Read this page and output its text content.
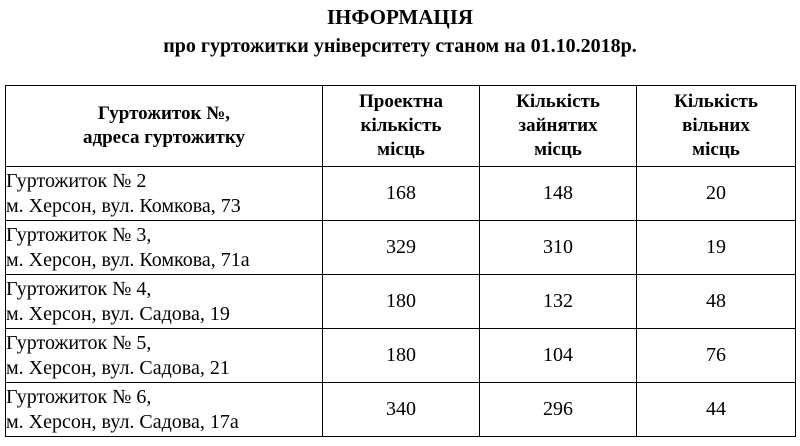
ІНФОРМАЦІЯ
про гуртожитки університету станом на 01.10.2018р.
Гуртожиток №,
адреса гуртожитку	Проектна
кількість
місць	Кількість
зайнятих
місць	Кількість
вільних
місць
Гуртожиток № 2
м. Херсон, вул. Комкова, 73	168	148	20
Гуртожиток № 3,
м. Херсон, вул. Комкова, 71а	329	310	19
Гуртожиток № 4,
м. Херсон, вул. Садова, 19	180	132	48
Гуртожиток № 5,
м. Херсон, вул. Садова, 21	180	104	76
Гуртожиток № 6,
м. Херсон, вул. Садова, 17а	340	296	44
